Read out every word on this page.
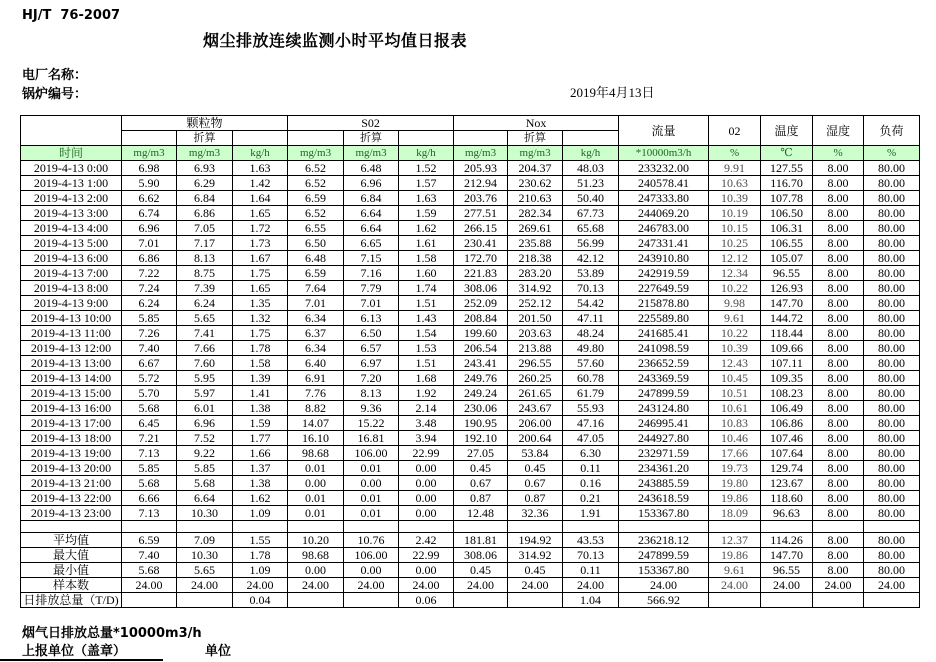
HJ/T  76-2007
烟尘排放连续监测小时平均值日报表
电厂名称：
锅炉编号：	2019年4月13日
	颗粒物			S02			Nox			流量	02	温度	湿度	负荷
		折算			折算			折算						
时间	mg/m3	mg/m3	kg/h	mg/m3	mg/m3	kg/h	mg/m3	mg/m3	kg/h	*10000m3/h	%	℃	%	%
2019-4-13 0:00	6.98	6.93	1.63	6.52	6.48	1.52	205.93	204.37	48.03	233232.00	9.91	127.55	8.00	80.00
2019-4-13 1:00	5.90	6.29	1.42	6.52	6.96	1.57	212.94	230.62	51.23	240578.41	10.63	116.70	8.00	80.00
2019-4-13 2:00	6.62	6.84	1.64	6.59	6.84	1.63	203.76	210.63	50.40	247333.80	10.39	107.78	8.00	80.00
2019-4-13 3:00	6.74	6.86	1.65	6.52	6.64	1.59	277.51	282.34	67.73	244069.20	10.19	106.50	8.00	80.00
2019-4-13 4:00	6.96	7.05	1.72	6.55	6.64	1.62	266.15	269.61	65.68	246783.00	10.15	106.31	8.00	80.00
2019-4-13 5:00	7.01	7.17	1.73	6.50	6.65	1.61	230.41	235.88	56.99	247331.41	10.25	106.55	8.00	80.00
2019-4-13 6:00	6.86	8.13	1.67	6.48	7.15	1.58	172.70	218.38	42.12	243910.80	12.12	105.07	8.00	80.00
2019-4-13 7:00	7.22	8.75	1.75	6.59	7.16	1.60	221.83	283.20	53.89	242919.59	12.34	96.55	8.00	80.00
2019-4-13 8:00	7.24	7.39	1.65	7.64	7.79	1.74	308.06	314.92	70.13	227649.59	10.22	126.93	8.00	80.00
2019-4-13 9:00	6.24	6.24	1.35	7.01	7.01	1.51	252.09	252.12	54.42	215878.80	9.98	147.70	8.00	80.00
2019-4-13 10:00	5.85	5.65	1.32	6.34	6.13	1.43	208.84	201.50	47.11	225589.80	9.61	144.72	8.00	80.00
2019-4-13 11:00	7.26	7.41	1.75	6.37	6.50	1.54	199.60	203.63	48.24	241685.41	10.22	118.44	8.00	80.00
2019-4-13 12:00	7.40	7.66	1.78	6.34	6.57	1.53	206.54	213.88	49.80	241098.59	10.39	109.66	8.00	80.00
2019-4-13 13:00	6.67	7.60	1.58	6.40	6.97	1.51	243.41	296.55	57.60	236652.59	12.43	107.11	8.00	80.00
2019-4-13 14:00	5.72	5.95	1.39	6.91	7.20	1.68	249.76	260.25	60.78	243369.59	10.45	109.35	8.00	80.00
2019-4-13 15:00	5.70	5.97	1.41	7.76	8.13	1.92	249.24	261.65	61.79	247899.59	10.51	108.23	8.00	80.00
2019-4-13 16:00	5.68	6.01	1.38	8.82	9.36	2.14	230.06	243.67	55.93	243124.80	10.61	106.49	8.00	80.00
2019-4-13 17:00	6.45	6.96	1.59	14.07	15.22	3.48	190.95	206.00	47.16	246995.41	10.83	106.86	8.00	80.00
2019-4-13 18:00	7.21	7.52	1.77	16.10	16.81	3.94	192.10	200.64	47.05	244927.80	10.46	107.46	8.00	80.00
2019-4-13 19:00	7.13	9.22	1.66	98.68	106.00	22.99	27.05	53.84	6.30	232971.59	17.66	107.64	8.00	80.00
2019-4-13 20:00	5.85	5.85	1.37	0.01	0.01	0.00	0.45	0.45	0.11	234361.20	19.73	129.74	8.00	80.00
2019-4-13 21:00	5.68	5.68	1.38	0.00	0.00	0.00	0.67	0.67	0.16	243885.59	19.80	123.67	8.00	80.00
2019-4-13 22:00	6.66	6.64	1.62	0.01	0.01	0.00	0.87	0.87	0.21	243618.59	19.86	118.60	8.00	80.00
2019-4-13 23:00	7.13	10.30	1.09	0.01	0.01	0.00	12.48	32.36	1.91	153367.80	18.09	96.63	8.00	80.00

平均值	6.59	7.09	1.55	10.20	10.76	2.42	181.81	194.92	43.53	236218.12	12.37	114.26	8.00	80.00
最大值	7.40	10.30	1.78	98.68	106.00	22.99	308.06	314.92	70.13	247899.59	19.86	147.70	8.00	80.00
最小值	5.68	5.65	1.09	0.00	0.00	0.00	0.45	0.45	0.11	153367.80	9.61	96.55	8.00	80.00
样本数	24.00	24.00	24.00	24.00	24.00	24.00	24.00	24.00	24.00	24.00	24.00	24.00	24.00	24.00
日排放总量（T/D)			0.04			0.06			1.04	566.92				
烟气日排放总量*10000m3/h
上报单位（盖章）	单位
